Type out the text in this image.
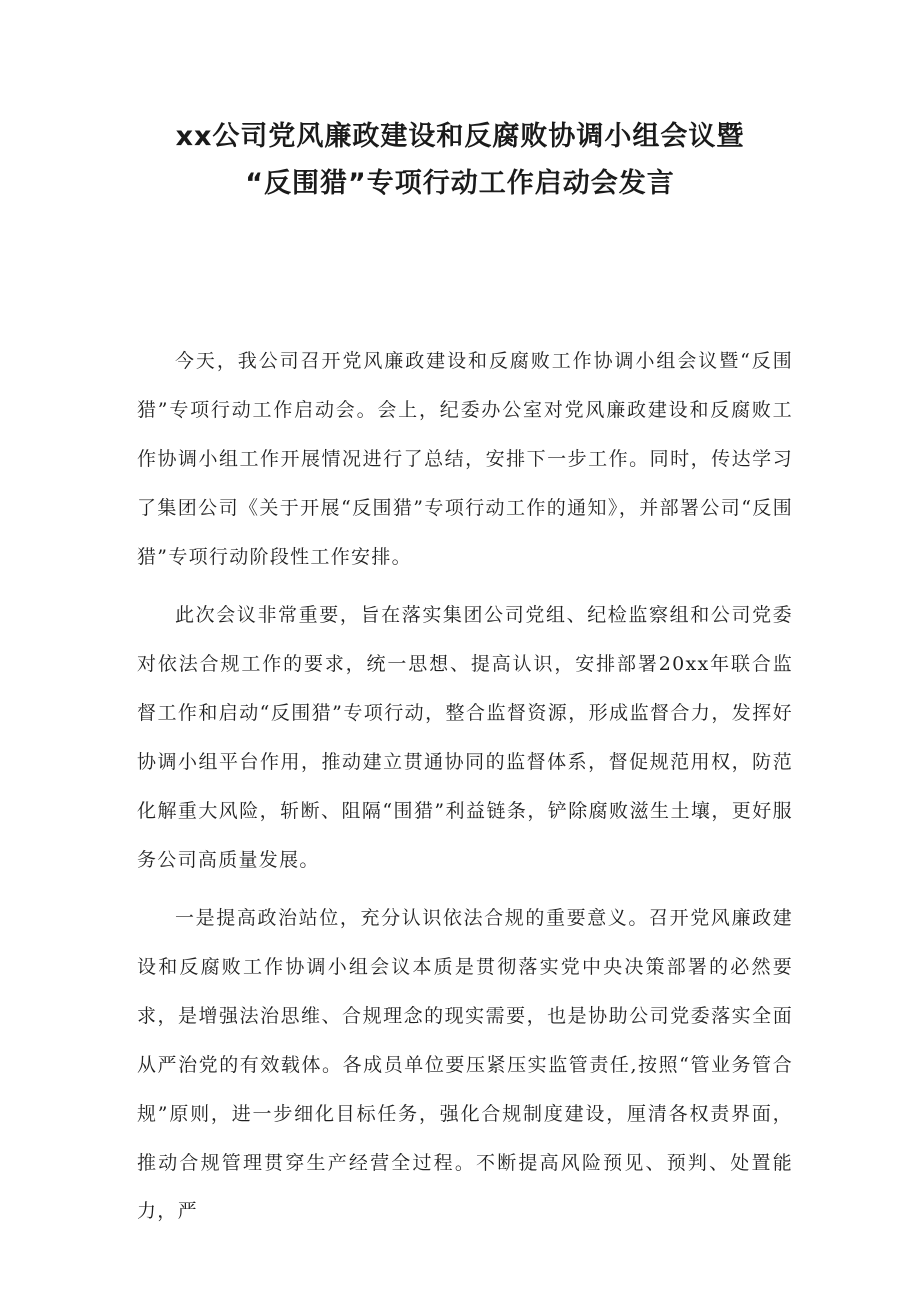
xx公司党风廉政建设和反腐败协调小组会议暨
“反围猎”专项行动工作启动会发言

今天，我公司召开党风廉政建设和反腐败工作协调小组会议暨“反围猎”专项行动工作启动会。会上，纪委办公室对党风廉政建设和反腐败工作协调小组工作开展情况进行了总结，安排下一步工作。同时，传达学习了集团公司《关于开展“反围猎”专项行动工作的通知》，并部署公司“反围猎”专项行动阶段性工作安排。

此次会议非常重要，旨在落实集团公司党组、纪检监察组和公司党委对依法合规工作的要求，统一思想、提高认识，安排部署20xx年联合监督工作和启动“反围猎”专项行动，整合监督资源，形成监督合力，发挥好协调小组平台作用，推动建立贯通协同的监督体系，督促规范用权，防范化解重大风险，斩断、阻隔“围猎”利益链条，铲除腐败滋生土壤，更好服务公司高质量发展。

一是提高政治站位，充分认识依法合规的重要意义。召开党风廉政建设和反腐败工作协调小组会议本质是贯彻落实党中央决策部署的必然要求，是增强法治思维、合规理念的现实需要，也是协助公司党委落实全面从严治党的有效载体。各成员单位要压紧压实监管责任,按照“管业务管合规”原则，进一步细化目标任务，强化合规制度建设，厘清各权责界面，推动合规管理贯穿生产经营全过程。不断提高风险预见、预判、处置能力，严
